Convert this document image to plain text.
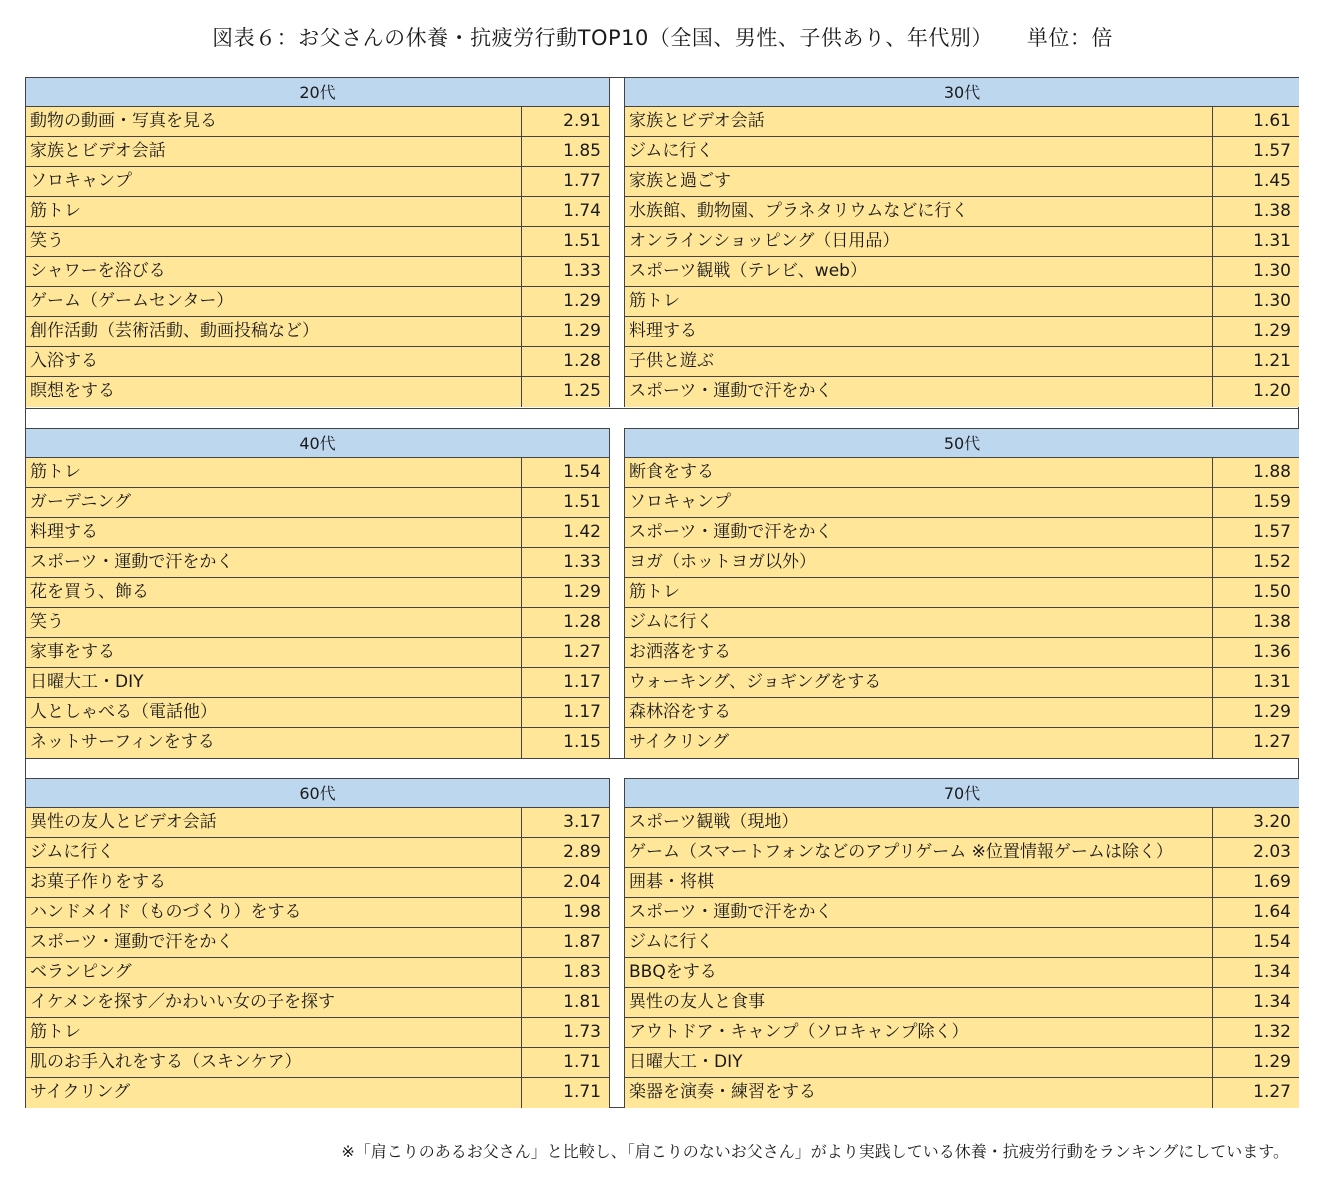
図表６：お父さんの休養・抗疲労行動TOP10（全国、男性、子供あり、年代別） 単位：倍
20代
動物の動画・写真を見る	2.91
家族とビデオ会話	1.85
ソロキャンプ	1.77
筋トレ	1.74
笑う	1.51
シャワーを浴びる	1.33
ゲーム（ゲームセンター）	1.29
創作活動（芸術活動、動画投稿など）	1.29
入浴する	1.28
瞑想をする	1.25
30代
家族とビデオ会話	1.61
ジムに行く	1.57
家族と過ごす	1.45
水族館、動物園、プラネタリウムなどに行く	1.38
オンラインショッピング（日用品）	1.31
スポーツ観戦（テレビ、web）	1.30
筋トレ	1.30
料理する	1.29
子供と遊ぶ	1.21
スポーツ・運動で汗をかく	1.20
40代
筋トレ	1.54
ガーデニング	1.51
料理する	1.42
スポーツ・運動で汗をかく	1.33
花を買う、飾る	1.29
笑う	1.28
家事をする	1.27
日曜大工・DIY	1.17
人としゃべる（電話他）	1.17
ネットサーフィンをする	1.15
50代
断食をする	1.88
ソロキャンプ	1.59
スポーツ・運動で汗をかく	1.57
ヨガ（ホットヨガ以外）	1.52
筋トレ	1.50
ジムに行く	1.38
お洒落をする	1.36
ウォーキング、ジョギングをする	1.31
森林浴をする	1.29
サイクリング	1.27
60代
異性の友人とビデオ会話	3.17
ジムに行く	2.89
お菓子作りをする	2.04
ハンドメイド（ものづくり）をする	1.98
スポーツ・運動で汗をかく	1.87
ベランピング	1.83
イケメンを探す／かわいい女の子を探す	1.81
筋トレ	1.73
肌のお手入れをする（スキンケア）	1.71
サイクリング	1.71
70代
スポーツ観戦（現地）	3.20
ゲーム（スマートフォンなどのアプリゲーム ※位置情報ゲームは除く）	2.03
囲碁・将棋	1.69
スポーツ・運動で汗をかく	1.64
ジムに行く	1.54
BBQをする	1.34
異性の友人と食事	1.34
アウトドア・キャンプ（ソロキャンプ除く）	1.32
日曜大工・DIY	1.29
楽器を演奏・練習をする	1.27
※「肩こりのあるお父さん」と比較し、「肩こりのないお父さん」がより実践している休養・抗疲労行動をランキングにしています。
